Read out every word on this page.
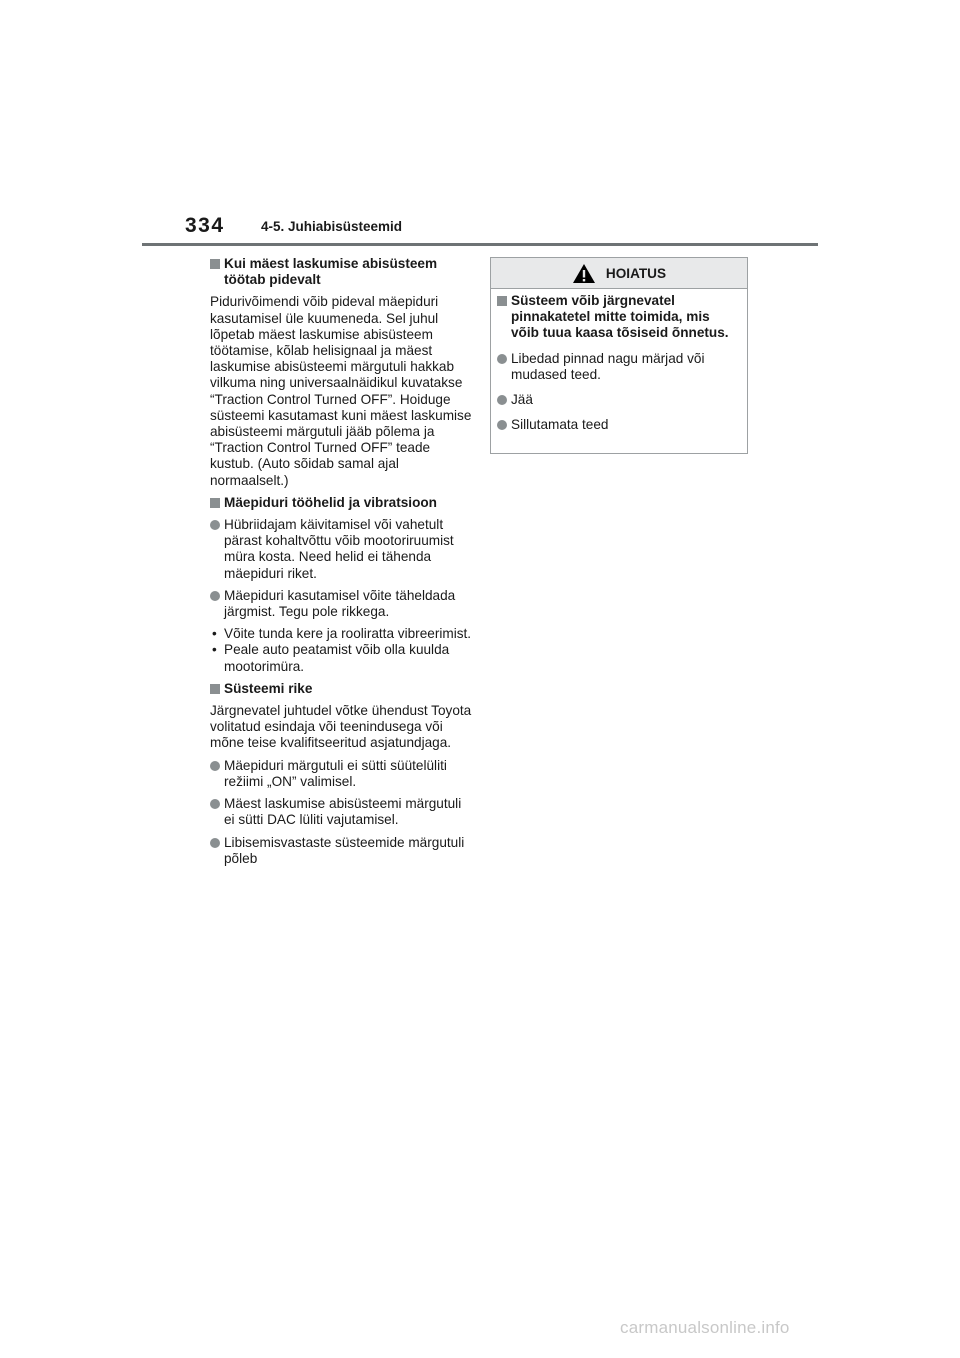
334	4-5. Juhiabisüsteemid
Kui mäest laskumise abisüsteem töötab pidevalt

Pidurivõimendi võib pideval mäepiduri kasutamisel üle kuumeneda. Sel juhul lõpetab mäest laskumise abisüsteem töötamise, kõlab helisignaal ja mäest laskumise abisüsteemi märgutuli hakkab vilkuma ning universaalnäidikul kuvatakse “Traction Control Turned OFF”. Hoiduge süsteemi kasutamast kuni mäest laskumise abisüsteemi märgutuli jääb põlema ja “Traction Control Turned OFF” teade kustub. (Auto sõidab samal ajal normaalselt.)

Mäepiduri tööhelid ja vibratsioon
Hübriidajam käivitamisel või vahetult pärast kohaltvõttu võib mootoriruumist müra kosta. Need helid ei tähenda mäepiduri riket.
Mäepiduri kasutamisel võite täheldada järgmist. Tegu pole rikkega.
• Võite tunda kere ja rooliratta vibreerimist.
• Peale auto peatamist võib olla kuulda mootorimüra.
Süsteemi rike

Järgnevatel juhtudel võtke ühendust Toyota volitatud esindaja või teenindusega või mõne teise kvalifitseeritud asjatundjaga.

Mäepiduri märgutuli ei sütti süütelüliti režiimi „ON” valimisel.
Mäest laskumise abisüsteemi märgutuli ei sütti DAC lüliti vajutamisel.
Libisemisvastaste süsteemide märgutuli põleb
HOIATUS
Süsteem võib järgnevatel pinnakatetel mitte toimida, mis võib tuua kaasa tõsiseid õnnetus.
Libedad pinnad nagu märjad või mudased teed.
Jää
Sillutamata teed
carmanualsonline.info
